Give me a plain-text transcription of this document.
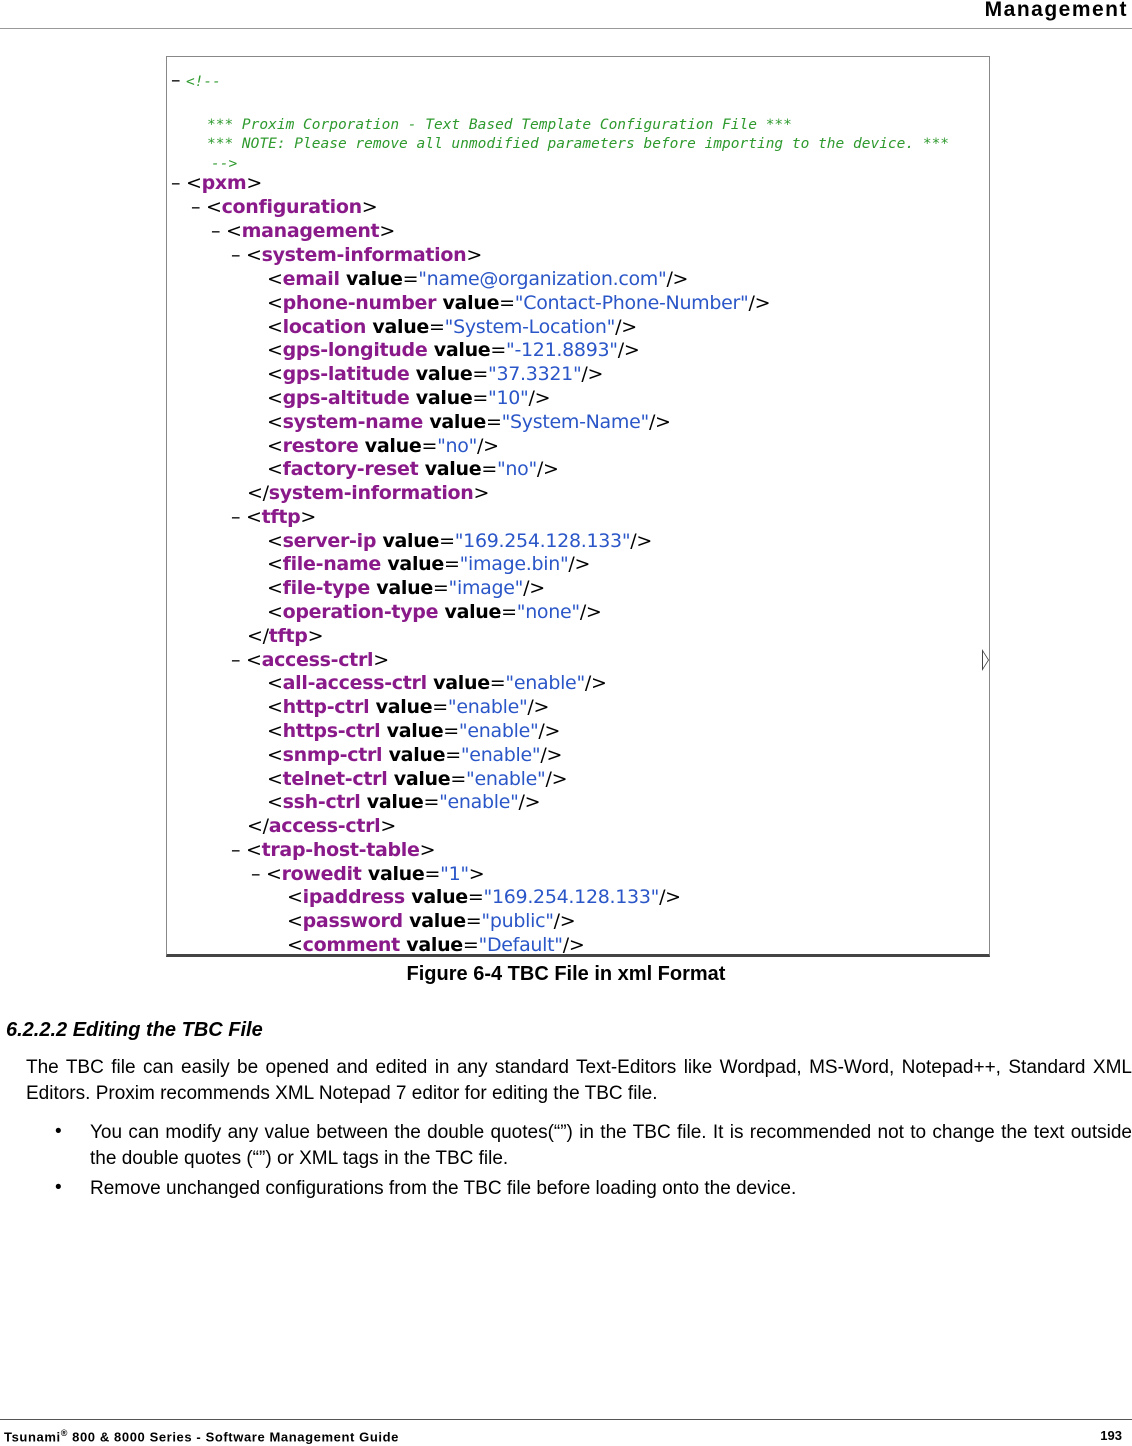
Management
– <!--
*** Proxim Corporation - Text Based Template Configuration File ***
*** NOTE: Please remove all unmodified parameters before importing to the device. ***
-->
– <pxm>
– <configuration>
– <management>
– <system-information>
<email value="name@organization.com"/>
<phone-number value="Contact-Phone-Number"/>
<location value="System-Location"/>
<gps-longitude value="-121.8893"/>
<gps-latitude value="37.3321"/>
<gps-altitude value="10"/>
<system-name value="System-Name"/>
<restore value="no"/>
<factory-reset value="no"/>
</system-information>
– <tftp>
<server-ip value="169.254.128.133"/>
<file-name value="image.bin"/>
<file-type value="image"/>
<operation-type value="none"/>
</tftp>
– <access-ctrl>
<all-access-ctrl value="enable"/>
<http-ctrl value="enable"/>
<https-ctrl value="enable"/>
<snmp-ctrl value="enable"/>
<telnet-ctrl value="enable"/>
<ssh-ctrl value="enable"/>
</access-ctrl>
– <trap-host-table>
– <rowedit value="1">
<ipaddress value="169.254.128.133"/>
<password value="public"/>
<comment value="Default"/>
Figure 6-4 TBC File in xml Format
6.2.2.2 Editing the TBC File
The TBC file can easily be opened and edited in any standard Text-Editors like Wordpad, MS-Word, Notepad++, Standard XML Editors. Proxim recommends XML Notepad 7 editor for editing the TBC file.
• You can modify any value between the double quotes(“”) in the TBC file. It is recommended not to change the text outside the double quotes (“”) or XML tags in the TBC file.
• Remove unchanged configurations from the TBC file before loading onto the device.
Tsunami® 800 & 8000 Series - Software Management Guide	193
